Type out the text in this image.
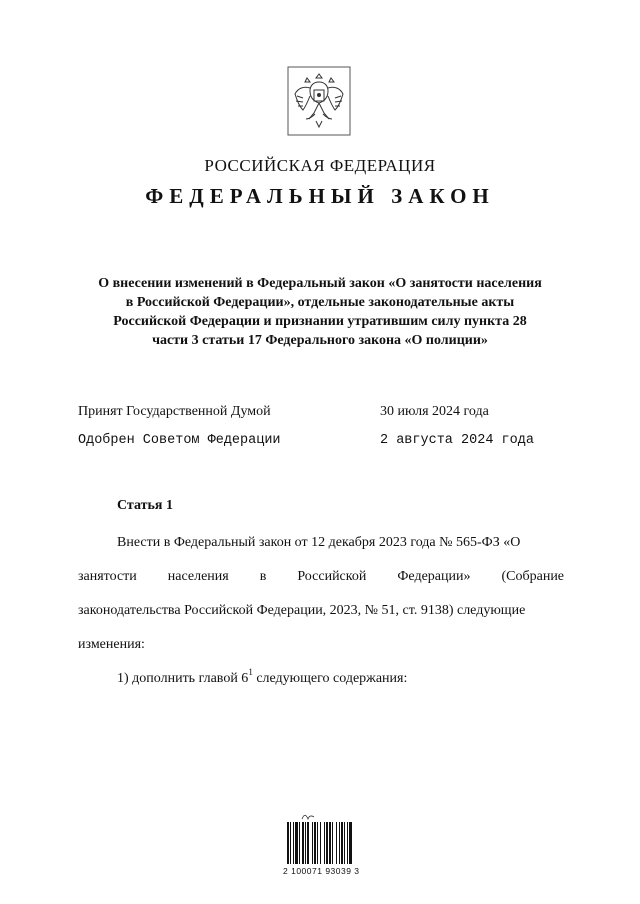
РОССИЙСКАЯ ФЕДЕРАЦИЯ
ФЕДЕРАЛЬНЫЙ ЗАКОН
О внесении изменений в Федеральный закон «О занятости населения
в Российской Федерации», отдельные законодательные акты
Российской Федерации и признании утратившим силу пункта 28
части 3 статьи 17 Федерального закона «О полиции»
Принят Государственной Думой	30 июля 2024 года
Одобрен Советом Федерации	2 августа 2024 года
Статья 1
Внести в Федеральный закон от 12 декабря 2023 года № 565-ФЗ «О
занятости населения в Российской Федерации» (Собрание
законодательства Российской Федерации, 2023, № 51, ст. 9138) следующие
изменения:
1) дополнить главой $6^1$ следующего содержания:
2 100071 93039 3
